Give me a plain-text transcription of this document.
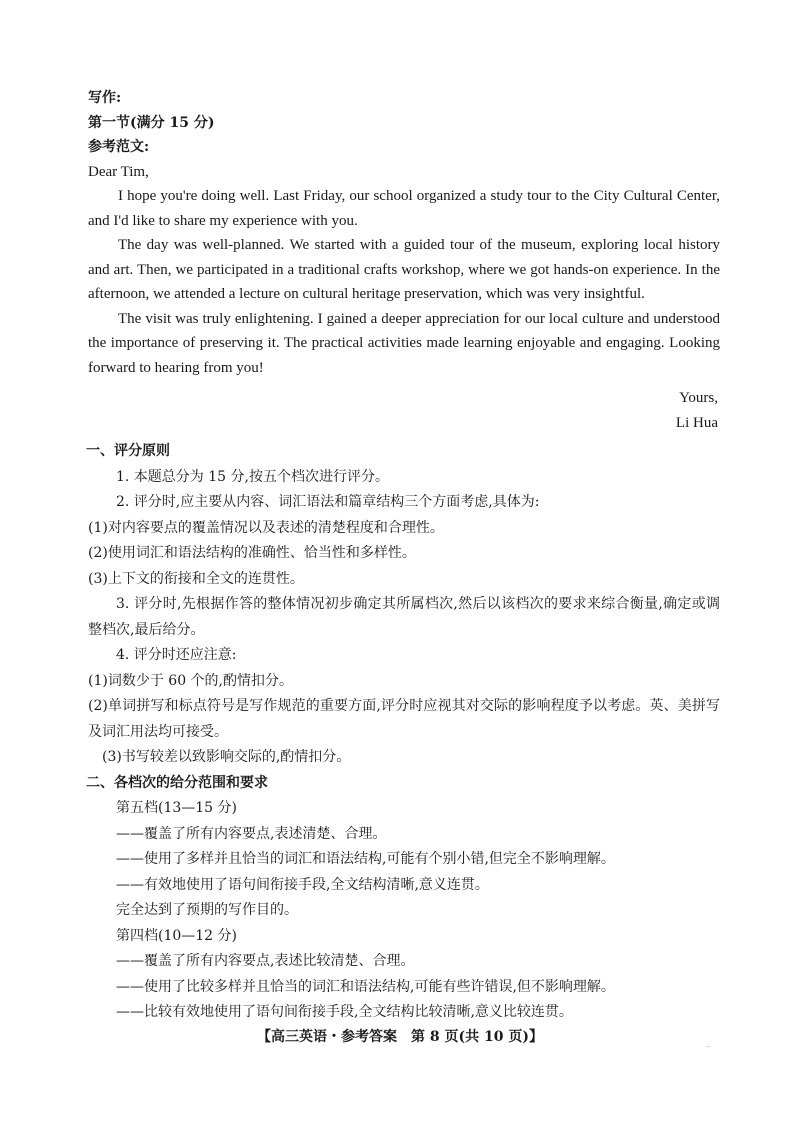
写作:
第一节(满分 15 分)
参考范文:
Dear Tim,

I hope you're doing well. Last Friday, our school organized a study tour to the City Cultural Center, and I'd like to share my experience with you.

The day was well-planned. We started with a guided tour of the museum, exploring local history and art. Then, we participated in a traditional crafts workshop, where we got hands-on experience. In the afternoon, we attended a lecture on cultural heritage preservation, which was very insightful.

The visit was truly enlightening. I gained a deeper appreciation for our local culture and understood the importance of preserving it. The practical activities made learning enjoyable and engaging. Looking forward to hearing from you!

Yours,
Li Hua
一、评分原则
1. 本题总分为 15 分,按五个档次进行评分。
2. 评分时,应主要从内容、词汇语法和篇章结构三个方面考虑,具体为:
(1)对内容要点的覆盖情况以及表述的清楚程度和合理性。
(2)使用词汇和语法结构的准确性、恰当性和多样性。
(3)上下文的衔接和全文的连贯性。

3. 评分时,先根据作答的整体情况初步确定其所属档次,然后以该档次的要求来综合衡量,确定或调整档次,最后给分。

4. 评分时还应注意:
(1)词数少于 60 个的,酌情扣分。

(2)单词拼写和标点符号是写作规范的重要方面,评分时应视其对交际的影响程度予以考虑。英、美拼写及词汇用法均可接受。

(3)书写较差以致影响交际的,酌情扣分。
二、各档次的给分范围和要求
第五档(13—15 分)
——覆盖了所有内容要点,表述清楚、合理。
——使用了多样并且恰当的词汇和语法结构,可能有个别小错,但完全不影响理解。
——有效地使用了语句间衔接手段,全文结构清晰,意义连贯。
完全达到了预期的写作目的。
第四档(10—12 分)
——覆盖了所有内容要点,表述比较清楚、合理。
——使用了比较多样并且恰当的词汇和语法结构,可能有些许错误,但不影响理解。
——比较有效地使用了语句间衔接手段,全文结构比较清晰,意义比较连贯。
【高三英语・参考答案　第 8 页(共 10 页)】	..
